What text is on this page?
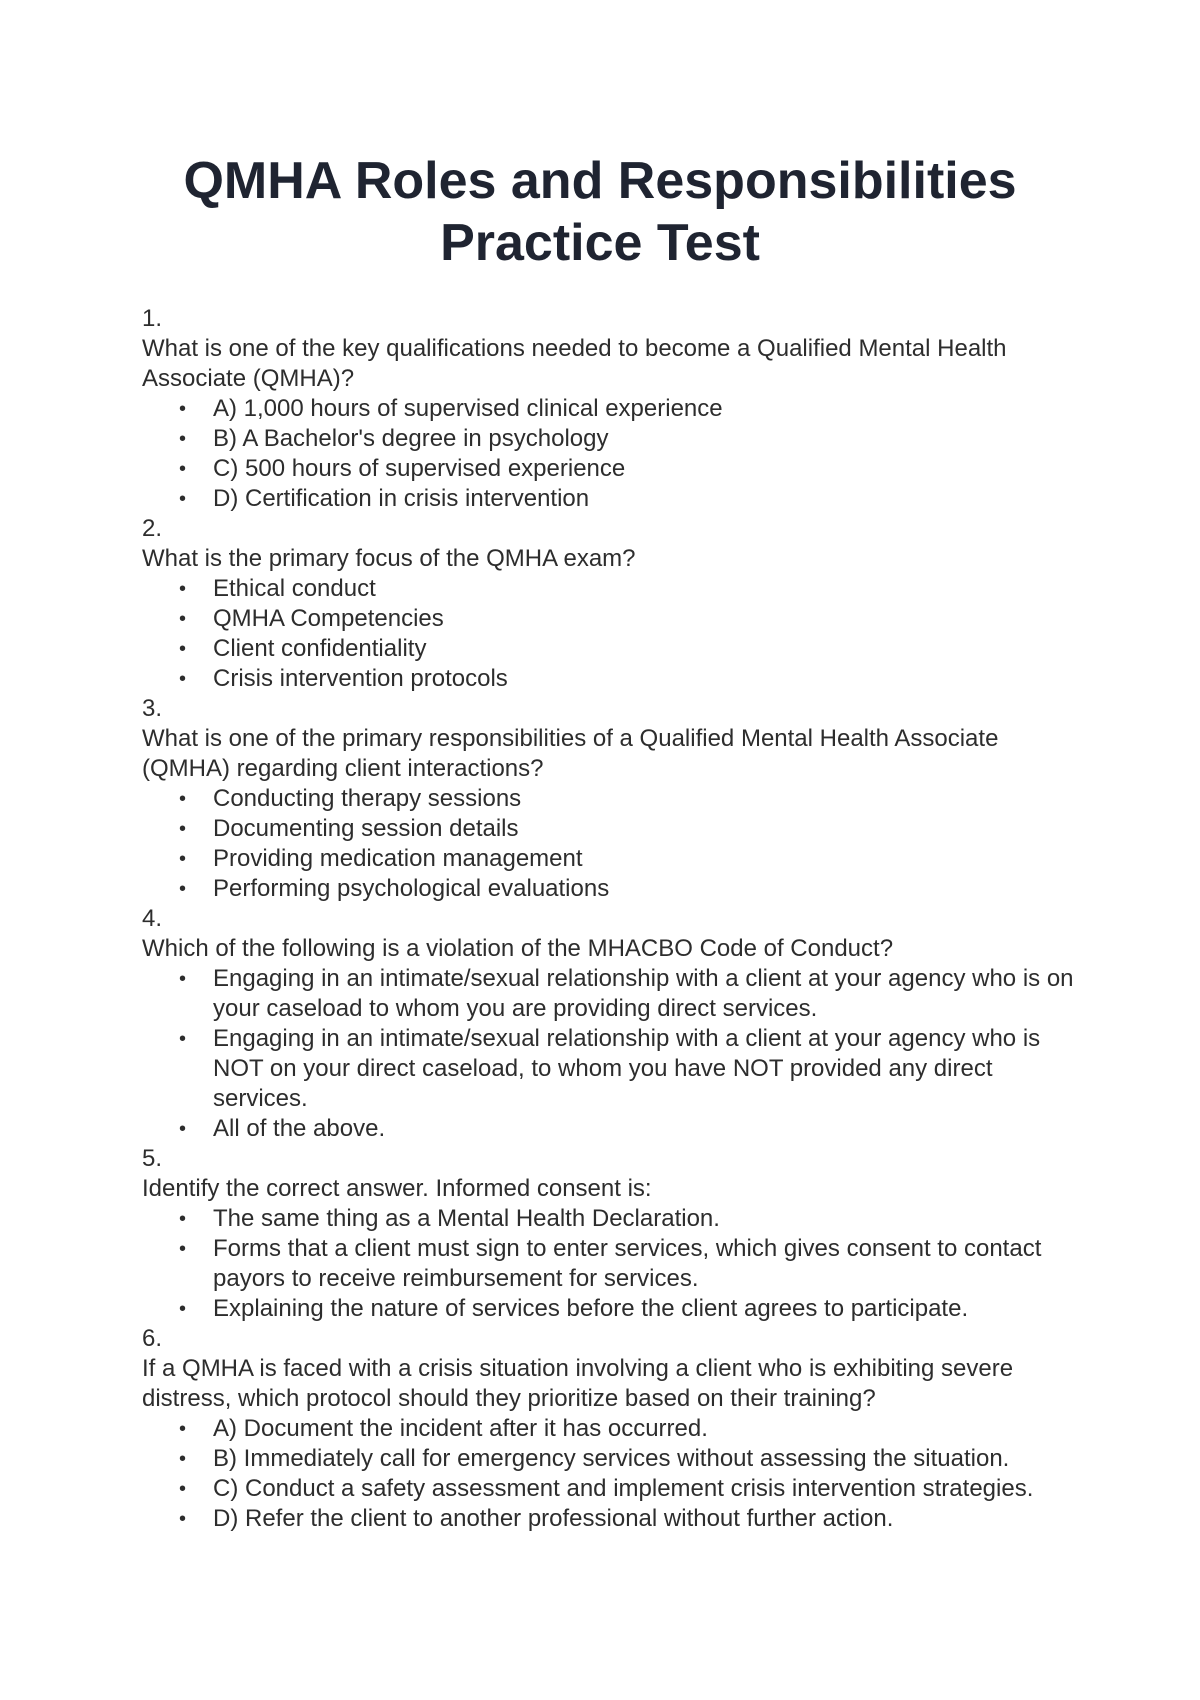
QMHA Roles and Responsibilities
Practice Test

1.

What is one of the key qualifications needed to become a Qualified Mental Health Associate (QMHA)?

• A) 1,000 hours of supervised clinical experience
• B) A Bachelor's degree in psychology
• C) 500 hours of supervised experience
• D) Certification in crisis intervention

2.

What is the primary focus of the QMHA exam?

• Ethical conduct
• QMHA Competencies
• Client confidentiality
• Crisis intervention protocols

3.

What is one of the primary responsibilities of a Qualified Mental Health Associate (QMHA) regarding client interactions?

• Conducting therapy sessions
• Documenting session details
• Providing medication management
• Performing psychological evaluations

4.

Which of the following is a violation of the MHACBO Code of Conduct?

• Engaging in an intimate/sexual relationship with a client at your agency who is on your caseload to whom you are providing direct services.
• Engaging in an intimate/sexual relationship with a client at your agency who is NOT on your direct caseload, to whom you have NOT provided any direct services.
• All of the above.

5.

Identify the correct answer. Informed consent is:

• The same thing as a Mental Health Declaration.
• Forms that a client must sign to enter services, which gives consent to contact payors to receive reimbursement for services.
• Explaining the nature of services before the client agrees to participate.

6.

If a QMHA is faced with a crisis situation involving a client who is exhibiting severe distress, which protocol should they prioritize based on their training?

• A) Document the incident after it has occurred.
• B) Immediately call for emergency services without assessing the situation.
• C) Conduct a safety assessment and implement crisis intervention strategies.
• D) Refer the client to another professional without further action.
